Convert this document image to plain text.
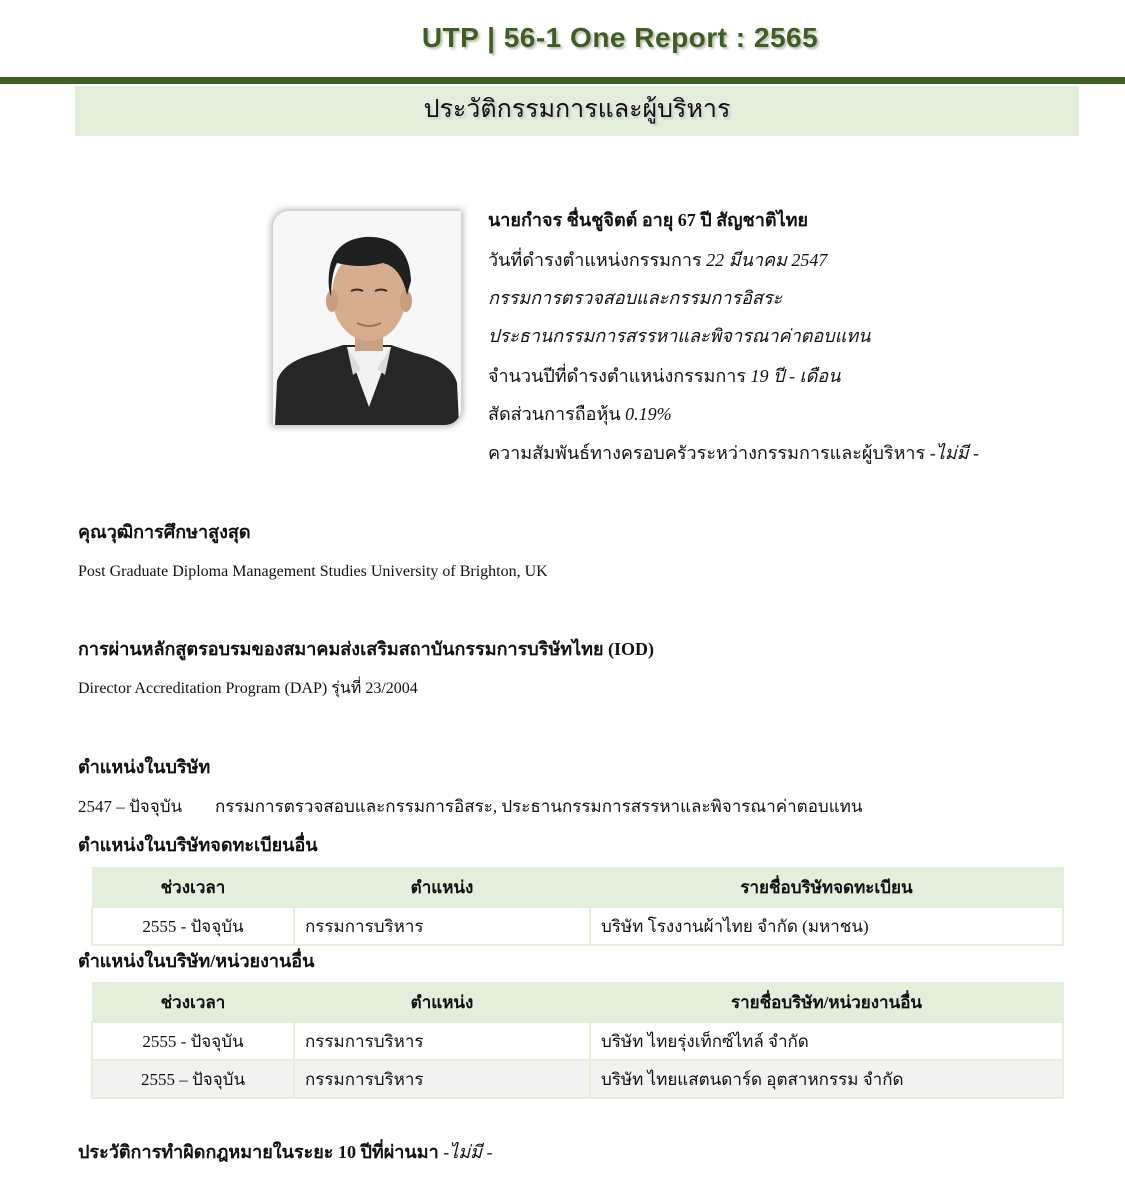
UTP | 56-1 One Report : 2565
ประวัติกรรมการและผู้บริหาร
นายกำจร ชื่นชูจิตต์ อายุ 67 ปี สัญชาติไทย
วันที่ดำรงตำแหน่งกรรมการ 22 มีนาคม 2547
กรรมการตรวจสอบและกรรมการอิสระ
ประธานกรรมการสรรหาและพิจารณาค่าตอบแทน
จำนวนปีที่ดำรงตำแหน่งกรรมการ 19 ปี - เดือน
สัดส่วนการถือหุ้น 0.19%
ความสัมพันธ์ทางครอบครัวระหว่างกรรมการและผู้บริหาร -ไม่มี -
คุณวุฒิการศึกษาสูงสุด
Post Graduate Diploma Management Studies University of Brighton, UK
การผ่านหลักสูตรอบรมของสมาคมส่งเสริมสถาบันกรรมการบริษัทไทย (IOD)
Director Accreditation Program (DAP) รุ่นที่ 23/2004
ตำแหน่งในบริษัท
2547 – ปัจจุบัน กรรมการตรวจสอบและกรรมการอิสระ, ประธานกรรมการสรรหาและพิจารณาค่าตอบแทน
ตำแหน่งในบริษัทจดทะเบียนอื่น
ช่วงเวลา	ตำแหน่ง	รายชื่อบริษัทจดทะเบียน
2555 - ปัจจุบัน	กรรมการบริหาร	บริษัท โรงงานผ้าไทย จำกัด (มหาชน)
ตำแหน่งในบริษัท/หน่วยงานอื่น
ช่วงเวลา	ตำแหน่ง	รายชื่อบริษัท/หน่วยงานอื่น
2555 - ปัจจุบัน	กรรมการบริหาร	บริษัท ไทยรุ่งเท็กซ์ไทล์ จำกัด
2555 – ปัจจุบัน	กรรมการบริหาร	บริษัท ไทยแสตนดาร์ด อุตสาหกรรม จำกัด
ประวัติการทำผิดกฎหมายในระยะ 10 ปีที่ผ่านมา -ไม่มี -
